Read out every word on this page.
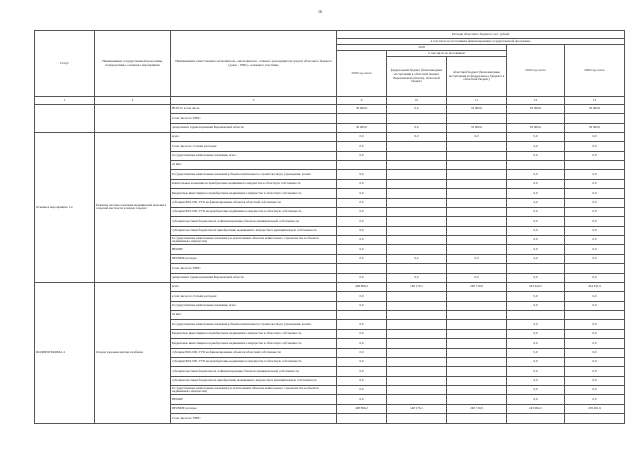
16
Статус	Наименование государственной программы, подпрограммы, основного мероприятия	Наименование ответственного исполнителя, соисполнителя - главного распорядителя средств областного бюджета (далее - ГРБС), основного участника	Расходы областного бюджета, тыс. рублей				
			в том числе по источникам финансирования государственной программы				
			2018			2019 год, всего	2020 год, всего
			2018 год, всего	в том числе по источникам			
				федеральный бюджет (безвозмездные поступления в областной бюджет Воронежской области), областной бюджет	областной бюджет (безвозмездные поступления из федерального бюджета в областной бюджет)		
1	2	3	9	10	11	12	13
		ВСЕГО, в том числе	39 000,0	0,0	33 000,0	93 000,0	93 000,0
		в том числе по ГРБС:					
		департамент здравоохранения Воронежской области	39 000,0	0,0	33 000,0	93 000,0	93 000,0
Основное мероприятие 1.4	Развитие системы оказания медицинской помощи в сельской местности и малых городах	всего	0,0	0,0	0,0	0,0	0,0
		в том числе по статьям расходов:	0,0			0,0	0,0
		Государственные капитальные вложения, всего	0,0			0,0	0,0
		из них:					
		Государственные капитальные вложения (объекты капитального строительства) в учреждения, из них:	0,0			0,0	0,0
		Капитальные вложения на приобретение недвижимого имущества в областную собственность	0,0			0,0	0,0
		Бюджетные инвестиции на приобретение недвижимого имущества в областную собственность	0,0			0,0	0,0
		субсидии ЮЛ, ИП, ГУП на финансирование объектов областной собственности	0,0			0,0	0,0
		субсидии ЮЛ, ИП, ГУП на приобретение недвижимого имущества в областную собственность	0,0			0,0	0,0
		субсидии местным бюджетам на софинансирование объектов муниципальной собственности	0,0			0,0	0,0
		субсидии местным бюджетам на приобретение недвижимого имущества в муниципальную собственность	0,0			0,0	0,0
		Государственные капитальные вложения (за исключением объектов капитального строительства и объектов недвижимого имущества)	0,0			0,0	0,0
		НИОКР	0,0			0,0	0,0
		ПРОЧИЕ расходы	0,0	0,0	0,0	0,0	0,0
		в том числе по ГРБС:					
		департамент здравоохранения Воронежской области	0,0	0,0	0,0	0,0	0,0
ПОДПРОГРАММА 4	Охрана здоровья матери и ребенка	всего	408 896,2	148 176,1	260 719,9	243 424,5	244 431,9
		в том числе по статьям расходов:	0,0			0,0	0,0
		Государственные капитальные вложения, всего	0,0			0,0	0,0
		из них:					
		Государственные капитальные вложения (объекты капитального строительства) в учреждения, из них:	0,0			0,0	0,0
		Бюджетные инвестиции на приобретение недвижимого имущества в областную собственность	0,0			0,0	0,0
		Бюджетные инвестиции на приобретение недвижимого имущества в областную собственность	0,0			0,0	0,0
		субсидии ЮЛ, ИП, ГУП на финансирование объектов областной собственности	0,0			0,0	0,0
		субсидии ЮЛ, ИП, ГУП на приобретение недвижимого имущества в областную собственность	0,0			0,0	0,0
		субсидии местным бюджетам на софинансирование объектов муниципальной собственности	0,0			0,0	0,0
		субсидии местным бюджетам на приобретение недвижимого имущества в муниципальную собственность	0,0			0,0	0,0
		Государственные капитальные вложения (за исключением объектов капитального строительства и объектов недвижимого имущества)	0,0			0,0	0,0
		НИОКР	0,0			0,0	0,0
		ПРОЧИЕ расходы	408 896,2	148 176,1	260 719,9	243 904,5	239 001,9
		в том числе по ГРБС:					
